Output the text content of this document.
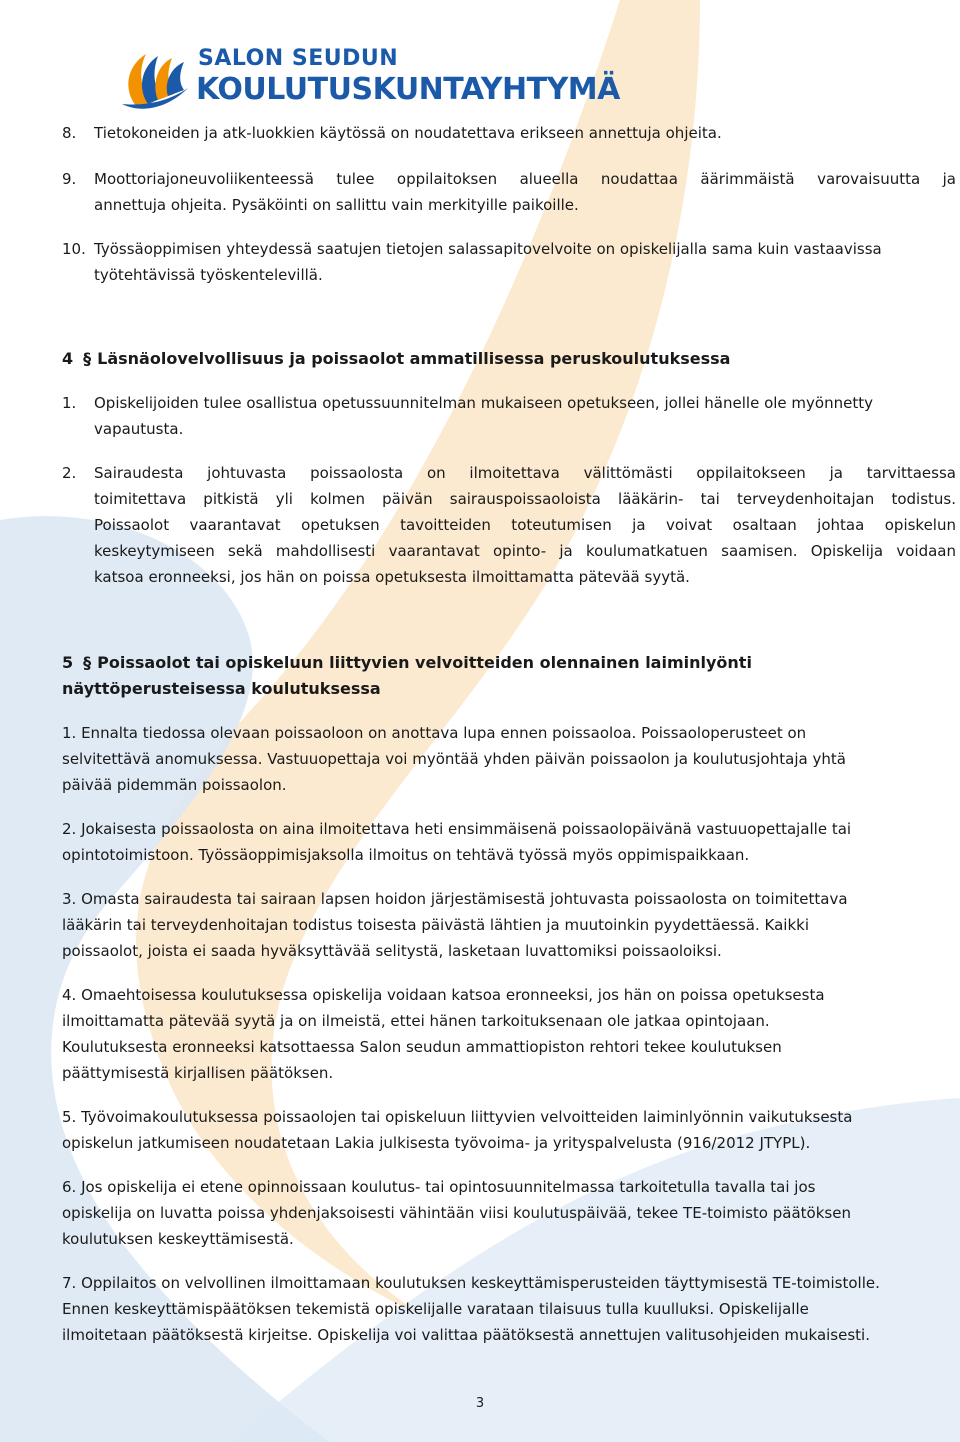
SALON SEUDUN
KOULUTUSKUNTAYHTYMÄ
8. Tietokoneiden ja atk-luokkien käytössä on noudatettava erikseen annettuja ohjeita.
9. Moottoriajoneuvoliikenteessä tulee oppilaitoksen alueella noudattaa äärimmäistä varovaisuutta ja
annettuja ohjeita. Pysäköinti on sallittu vain merkityille paikoille.
10. Työssäoppimisen yhteydessä saatujen tietojen salassapitovelvoite on opiskelijalla sama kuin vastaavissa
työtehtävissä työskentelevillä.
4 § Läsnäolovelvollisuus ja poissaolot ammatillisessa peruskoulutuksessa
1. Opiskelijoiden tulee osallistua opetussuunnitelman mukaiseen opetukseen, jollei hänelle ole myönnetty
vapautusta.
2. Sairaudesta johtuvasta poissaolosta on ilmoitettava välittömästi oppilaitokseen ja tarvittaessa
toimitettava pitkistä yli kolmen päivän sairauspoissaoloista lääkärin- tai terveydenhoitajan todistus.
Poissaolot vaarantavat opetuksen tavoitteiden toteutumisen ja voivat osaltaan johtaa opiskelun
keskeytymiseen sekä mahdollisesti vaarantavat opinto- ja koulumatkatuen saamisen. Opiskelija voidaan
katsoa eronneeksi, jos hän on poissa opetuksesta ilmoittamatta pätevää syytä.
5 § Poissaolot tai opiskeluun liittyvien velvoitteiden olennainen laiminlyönti
näyttöperusteisessa koulutuksessa
1. Ennalta tiedossa olevaan poissaoloon on anottava lupa ennen poissaoloa. Poissaoloperusteet on
selvitettävä anomuksessa. Vastuuopettaja voi myöntää yhden päivän poissaolon ja koulutusjohtaja yhtä
päivää pidemmän poissaolon.
2. Jokaisesta poissaolosta on aina ilmoitettava heti ensimmäisenä poissaolopäivänä vastuuopettajalle tai
opintotoimistoon. Työssäoppimisjaksolla ilmoitus on tehtävä työssä myös oppimispaikkaan.
3. Omasta sairaudesta tai sairaan lapsen hoidon järjestämisestä johtuvasta poissaolosta on toimitettava
lääkärin tai terveydenhoitajan todistus toisesta päivästä lähtien ja muutoinkin pyydettäessä. Kaikki
poissaolot, joista ei saada hyväksyttävää selitystä, lasketaan luvattomiksi poissaoloiksi.
4. Omaehtoisessa koulutuksessa opiskelija voidaan katsoa eronneeksi, jos hän on poissa opetuksesta
ilmoittamatta pätevää syytä ja on ilmeistä, ettei hänen tarkoituksenaan ole jatkaa opintojaan.
Koulutuksesta eronneeksi katsottaessa Salon seudun ammattiopiston rehtori tekee koulutuksen
päättymisestä kirjallisen päätöksen.
5. Työvoimakoulutuksessa poissaolojen tai opiskeluun liittyvien velvoitteiden laiminlyönnin vaikutuksesta
opiskelun jatkumiseen noudatetaan Lakia julkisesta työvoima- ja yrityspalvelusta (916/2012 JTYPL).
6. Jos opiskelija ei etene opinnoissaan koulutus- tai opintosuunnitelmassa tarkoitetulla tavalla tai jos
opiskelija on luvatta poissa yhdenjaksoisesti vähintään viisi koulutuspäivää, tekee TE-toimisto päätöksen
koulutuksen keskeyttämisestä.
7. Oppilaitos on velvollinen ilmoittamaan koulutuksen keskeyttämisperusteiden täyttymisestä TE-toimistolle.
Ennen keskeyttämispäätöksen tekemistä opiskelijalle varataan tilaisuus tulla kuulluksi. Opiskelijalle
ilmoitetaan päätöksestä kirjeitse. Opiskelija voi valittaa päätöksestä annettujen valitusohjeiden mukaisesti.
3
